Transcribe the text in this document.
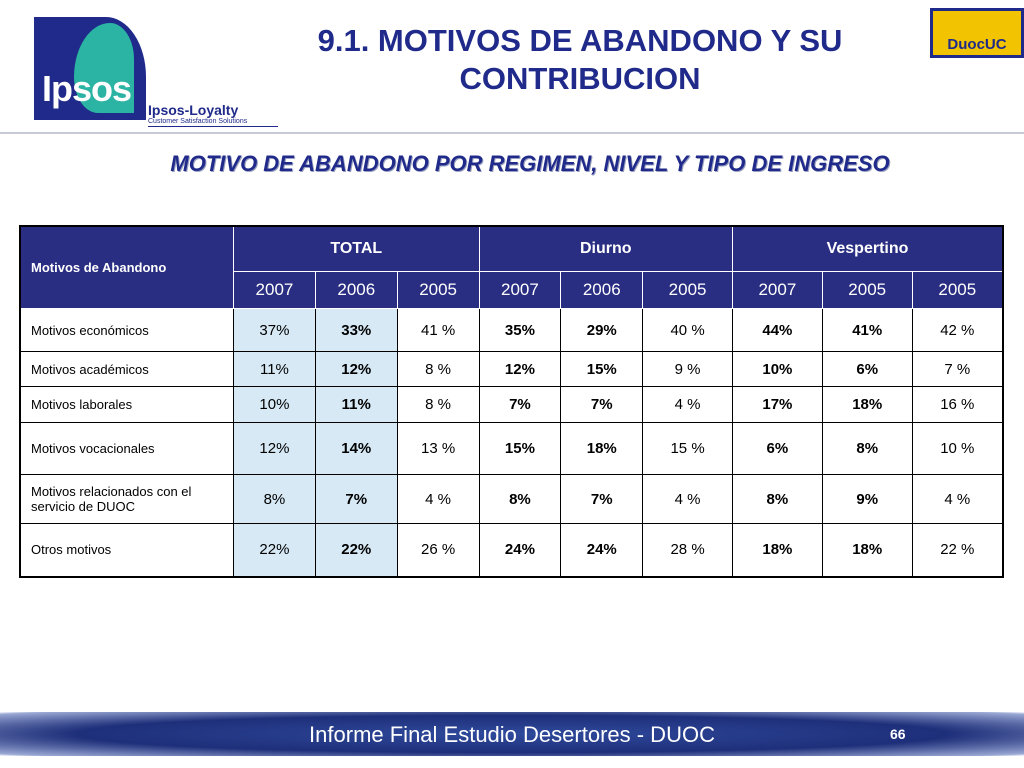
Ipsos
Ipsos-Loyalty
Customer Satisfaction Solutions
9.1. MOTIVOS DE ABANDONO Y SU CONTRIBUCION
DuocUC
MOTIVO DE ABANDONO POR REGIMEN, NIVEL Y TIPO DE INGRESO
Motivos de Abandono	TOTAL			Diurno			Vespertino		
	2007	2006	2005	2007	2006	2005	2007	2005	2005
Motivos económicos	37%	33%	41 %	35%	29%	40 %	44%	41%	42 %
Motivos académicos	11%	12%	8 %	12%	15%	9 %	10%	6%	7 %
Motivos laborales	10%	11%	8 %	7%	7%	4 %	17%	18%	16 %
Motivos vocacionales	12%	14%	13 %	15%	18%	15 %	6%	8%	10 %
Motivos relacionados con el servicio de DUOC	8%	7%	4 %	8%	7%	4 %	8%	9%	4 %
Otros motivos	22%	22%	26 %	24%	24%	28 %	18%	18%	22 %
Informe Final Estudio Desertores - DUOC	66
